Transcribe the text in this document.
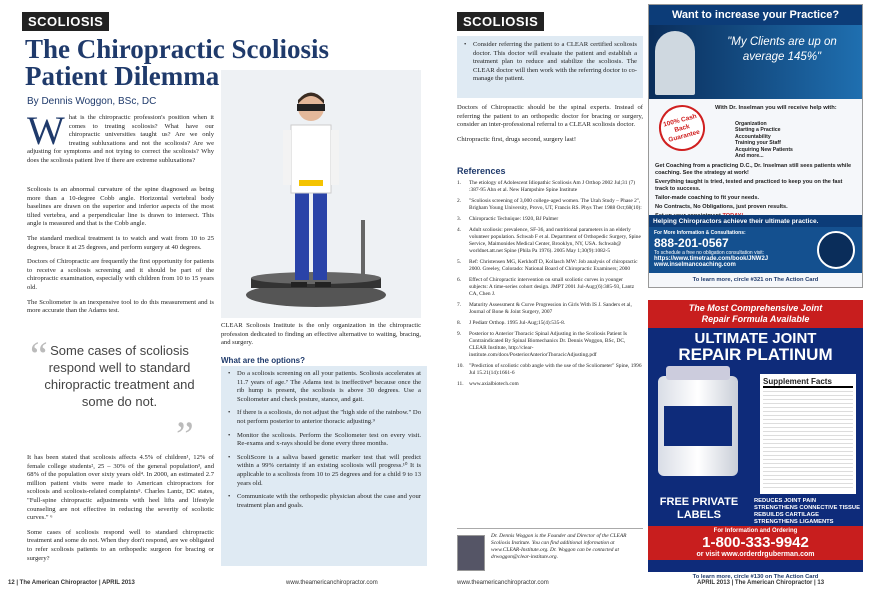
SCOLIOSIS
The Chiropractic Scoliosis
Patient Dilemma
By Dennis Woggon, BSc, DC
W hat is the chiropractic profession's position when it comes to treating scoliosis? What have our chiropractic universities taught us? Are we only treating subluxations and not the scoliosis? Are we adjusting for symptoms and not trying to correct the scoliosis? Why does the scoliosis patient live if there are extreme subluxations?

Scoliosis is an abnormal curvature of the spine diagnosed as being more than a 10-degree Cobb angle. Horizontal vertebral body baselines are drawn on the superior and inferior aspects of the most tilted vertebra, and a perpendicular line is drawn to intersect. This angle is measured and that is the Cobb angle.

The standard medical treatment is to watch and wait from 10 to 25 degrees, brace it at 25 degrees, and perform surgery at 40 degrees.

Doctors of Chiropractic are frequently the first opportunity for patients to receive a scoliosis screening and it should be part of the chiropractic examination, especially with children from 10 to 15 years old.

The Scoliometer is an inexpensive tool to do this measurement and is more accurate than the Adams test.

“ Some cases of scoliosis respond well to standard chiropractic treatment and some do not.
”

It has been stated that scoliosis affects 4.5% of children¹, 12% of female college students², 25 – 30% of the general population³, and 68% of the population over sixty years old⁴. In 2000, an estimated 2.7 million patient visits were made to American chiropractors for scoliosis and scoliosis-related complaints⁵. Charles Lantz, DC states, "Full-spine chiropractic adjustments with heel lifts and lifestyle counseling are not effective in reducing the severity of scoliotic curves." ⁶

Some cases of scoliosis respond well to standard chiropractic treatment and some do not. When they don't respond, are we obligated to refer scoliosis patients to an orthopedic surgeon for bracing or surgery?

CLEAR Scoliosis Institute is the only organization in the chiropractic profession dedicated to finding an effective alternative to waiting, bracing, and surgery.
What are the options?
• Do a scoliosis screening on all your patients. Scoliosis accelerates at 11.7 years of age.⁷ The Adams test is ineffective⁸ because once the rib hump is present, the scoliosis is above 30 degrees. Use a Scoliometer and check posture, stance, and gait.
• If there is a scoliosis, do not adjust the "high side of the rainbow." Do not perform posterior to anterior thoracic adjusting.⁹
• Monitor the scoliosis. Perform the Scoliometer test on every visit. Re-exams and x-rays should be done every three months.
• ScoliScore is a saliva based genetic marker test that will predict within a 99% certainty if an existing scoliosis will progress.¹⁰ It is applicable to a scoliosis from 10 to 25 degrees and for a child 9 to 13 years old.
• Communicate with the orthopedic physician about the case and your treatment plan and goals.
12 | The American Chiropractor | APRIL 2013	www.theamericanchiropractor.com
SCOLIOSIS
• Consider referring the patient to a CLEAR certified scoliosis doctor. This doctor will evaluate the patient and establish a treatment plan to reduce and stabilize the scoliosis. The CLEAR doctor will then work with the referring doctor to co-manage the patient.

Doctors of Chiropractic should be the spinal experts. Instead of referring the patient to an orthopedic doctor for bracing or surgery, consider an inter-professional referral to a CLEAR scoliosis doctor.

Chiropractic first, drugs second, surgery last!

References
1. The etiology of Adolescent Idiopathic Scoliosis Am J Orthop 2002 Jul;31 (7) :387-95 Ahn et al. New Hampshire Spine Institute
2. "Scoliosis screening of 3,000 college-aged women. The Utah Study – Phase 2", Brigham Young University, Provo, UT, Francis RS. Phys Ther 1988 Oct;68(10):
3. Chiropractic Technique: 1920, BJ Palmer
4. Adult scoliosis: prevalence, SF-36, and nutritional parameters in an elderly volunteer population. Schwab F et al. Department of Orthopedic Surgery, Spine Service, Maimonides Medical Center, Brooklyn, NY, USA. fschwab@ worldnet.att.net Spine (Phila Pa 1976). 2005 May 1;30(9):1082-5
5. Ref: Christensen MG, Kerkhoff D, Kollasch MW: Job analysis of chiropractic 2000. Greeley, Colorado: National Board of Chiropractic Examiners; 2000
6. Effect of Chiropractic intervention on small scoliotic curves in younger subjects: A time-series cohort design. JMPT 2001 Jul-Aug;(6):385-93, Lantz CA, Chen J.
7. Maturity Assessment & Curve Progression in Girls With IS J. Sanders et al, Journal of Bone & Joint Surgery, 2007
8. J Pediatr Orthop. 1995 Jul-Aug;15(4):535-8.
9. Posterior to Anterior Thoracic Spinal Adjusting in the Scoliosis Patient Is Contraindicated By Spinal Biomechanics Dr. Dennis Woggon, BSc, DC, CLEAR Institute, http://clear-institute.com/docs/PosteriorAnteriorThoracicAdjusting.pdf
10. "Prediction of scoliotic cobb angle with the use of the Scoliometer" Spine, 1996 Jul 15.21(14):1661-6
11. www.axialbiotech.com
Dr. Dennis Woggon is the Founder and Director of the CLEAR Scoliosis Institute. You can find additional information at www.CLEAR-Institute.org. Dr. Woggon can be contacted at drwoggon@clear-institute.org.
www.theamericanchiropractor.com	APRIL 2013 | The American Chiropractor | 13
Want to increase your Practice?
"My Clients are up on average 145%"
100% Cash Back Guarantee
With Dr. Inselman you will receive help with:
Organization
Starting a Practice
Accountability
Training your Staff
Acquiring New Patients
And more...
Get Coaching from a practicing D.C., Dr. Inselman still sees patients while coaching. See the strategy at work!
Everything taught is tried, tested and practiced to keep you on the fast track to success.
Tailor-made coaching to fit your needs.
No Contracts, No Obligations, just proven results.
Helping Chiropractors achieve their ultimate practice.
For More Information & Consultations:
888-201-0567
To schedule a free no obligation consultation visit:
https://www.timetrade.com/book/JNW2J
www.inselmancoaching.com
To learn more, circle #321 on The Action Card
The Most Comprehensive Joint
Repair Formula Available
ULTIMATE JOINT
REPAIR PLATINUM
Supplement Facts
FREE PRIVATE
LABELS
REDUCES JOINT PAIN
STRENGTHENS CONNECTIVE TISSUE
REBUILDS CARTILAGE
STRENGTHENS LIGAMENTS
For Information and Ordering
1-800-333-9942
or visit www.orderdrguberman.com
To learn more, circle #130 on The Action Card
